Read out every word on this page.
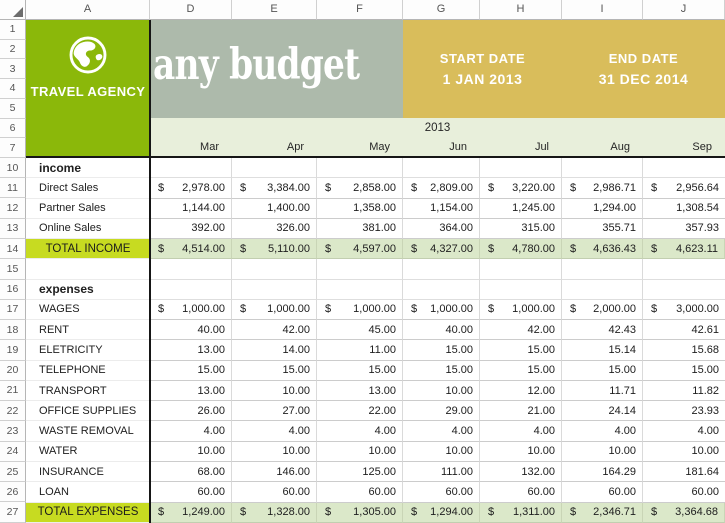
A	D	E	F	G	H	I	J
1
2
3
4
5
6
7
10
11
12
13
14
15
16
17
18
19
20
21
22
23
24
25
26
27
TRAVEL AGENCY
any budget	START DATE
1 JAN 2013
END DATE
31 DEC 2014
2013
Mar	Apr	May	Jun	Jul	Aug	Sep
income
Direct Sales	$ 2,978.00 $ 3,384.00 $ 2,858.00 $ 2,809.00 $ 3,220.00 $ 2,986.71 $ 2,956.64
Partner Sales	1,144.00	1,400.00	1,358.00	1,154.00	1,245.00	1,294.00	1,308.54
Online Sales	392.00	326.00	381.00	364.00	315.00	355.71	357.93
TOTAL INCOME	$ 4,514.00 $ 5,110.00 $ 4,597.00 $ 4,327.00 $ 4,780.00 $ 4,636.43 $ 4,623.11
expenses
WAGES	$ 1,000.00 $ 1,000.00 $ 1,000.00 $ 1,000.00 $ 1,000.00 $ 2,000.00 $ 3,000.00
RENT	40.00	42.00	45.00	40.00	42.00	42.43	42.61
ELETRICITY	13.00	14.00	11.00	15.00	15.00	15.14	15.68
TELEPHONE	15.00	15.00	15.00	15.00	15.00	15.00	15.00
TRANSPORT	13.00	10.00	13.00	10.00	12.00	11.71	11.82
OFFICE SUPPLIES	26.00	27.00	22.00	29.00	21.00	24.14	23.93
WASTE REMOVAL	4.00	4.00	4.00	4.00	4.00	4.00	4.00
WATER	10.00	10.00	10.00	10.00	10.00	10.00	10.00
INSURANCE	68.00	146.00	125.00	111.00	132.00	164.29	181.64
LOAN	60.00	60.00	60.00	60.00	60.00	60.00	60.00
TOTAL EXPENSES	$ 1,249.00 $ 1,328.00 $ 1,305.00 $ 1,294.00 $ 1,311.00 $ 2,346.71 $ 3,364.68
